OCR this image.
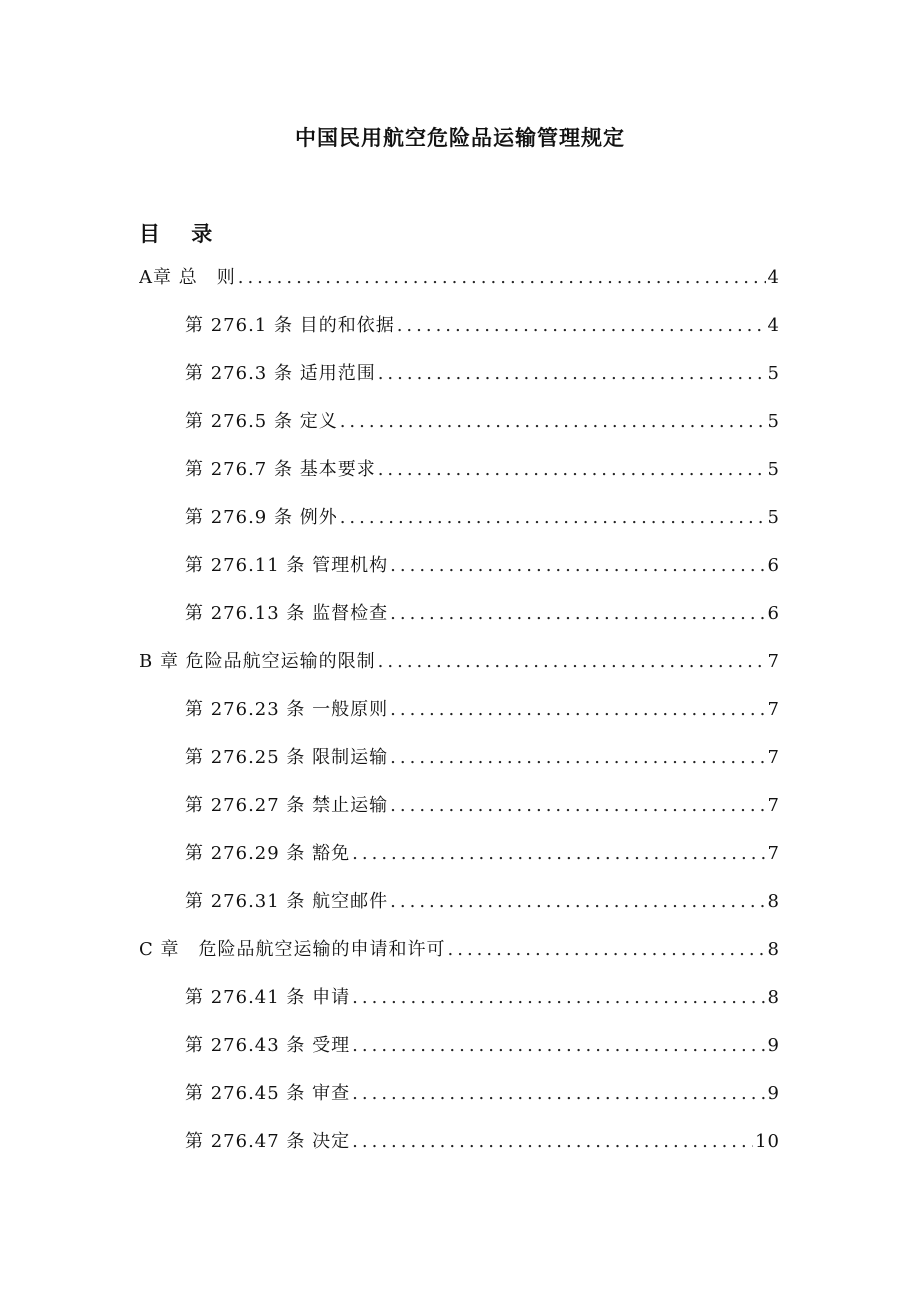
中国民用航空危险品运输管理规定
目 录
A章 总　则 .....	4
第 276.1 条 目的和依据 .....	4
第 276.3 条 适用范围 .....	5
第 276.5 条 定义 .....	5
第 276.7 条 基本要求 .....	5
第 276.9 条 例外 .....	5
第 276.11 条 管理机构 .....	6
第 276.13 条 监督检查 .....	6
B 章 危险品航空运输的限制 .....	7
第 276.23 条 一般原则 .....	7
第 276.25 条 限制运输 .....	7
第 276.27 条 禁止运输 .....	7
第 276.29 条 豁免 .....	7
第 276.31 条 航空邮件 .....	8
C 章　危险品航空运输的申请和许可 .....	8
第 276.41 条 申请 .....	8
第 276.43 条 受理 .....	9
第 276.45 条 审查 .....	9
第 276.47 条 决定 .....	10
